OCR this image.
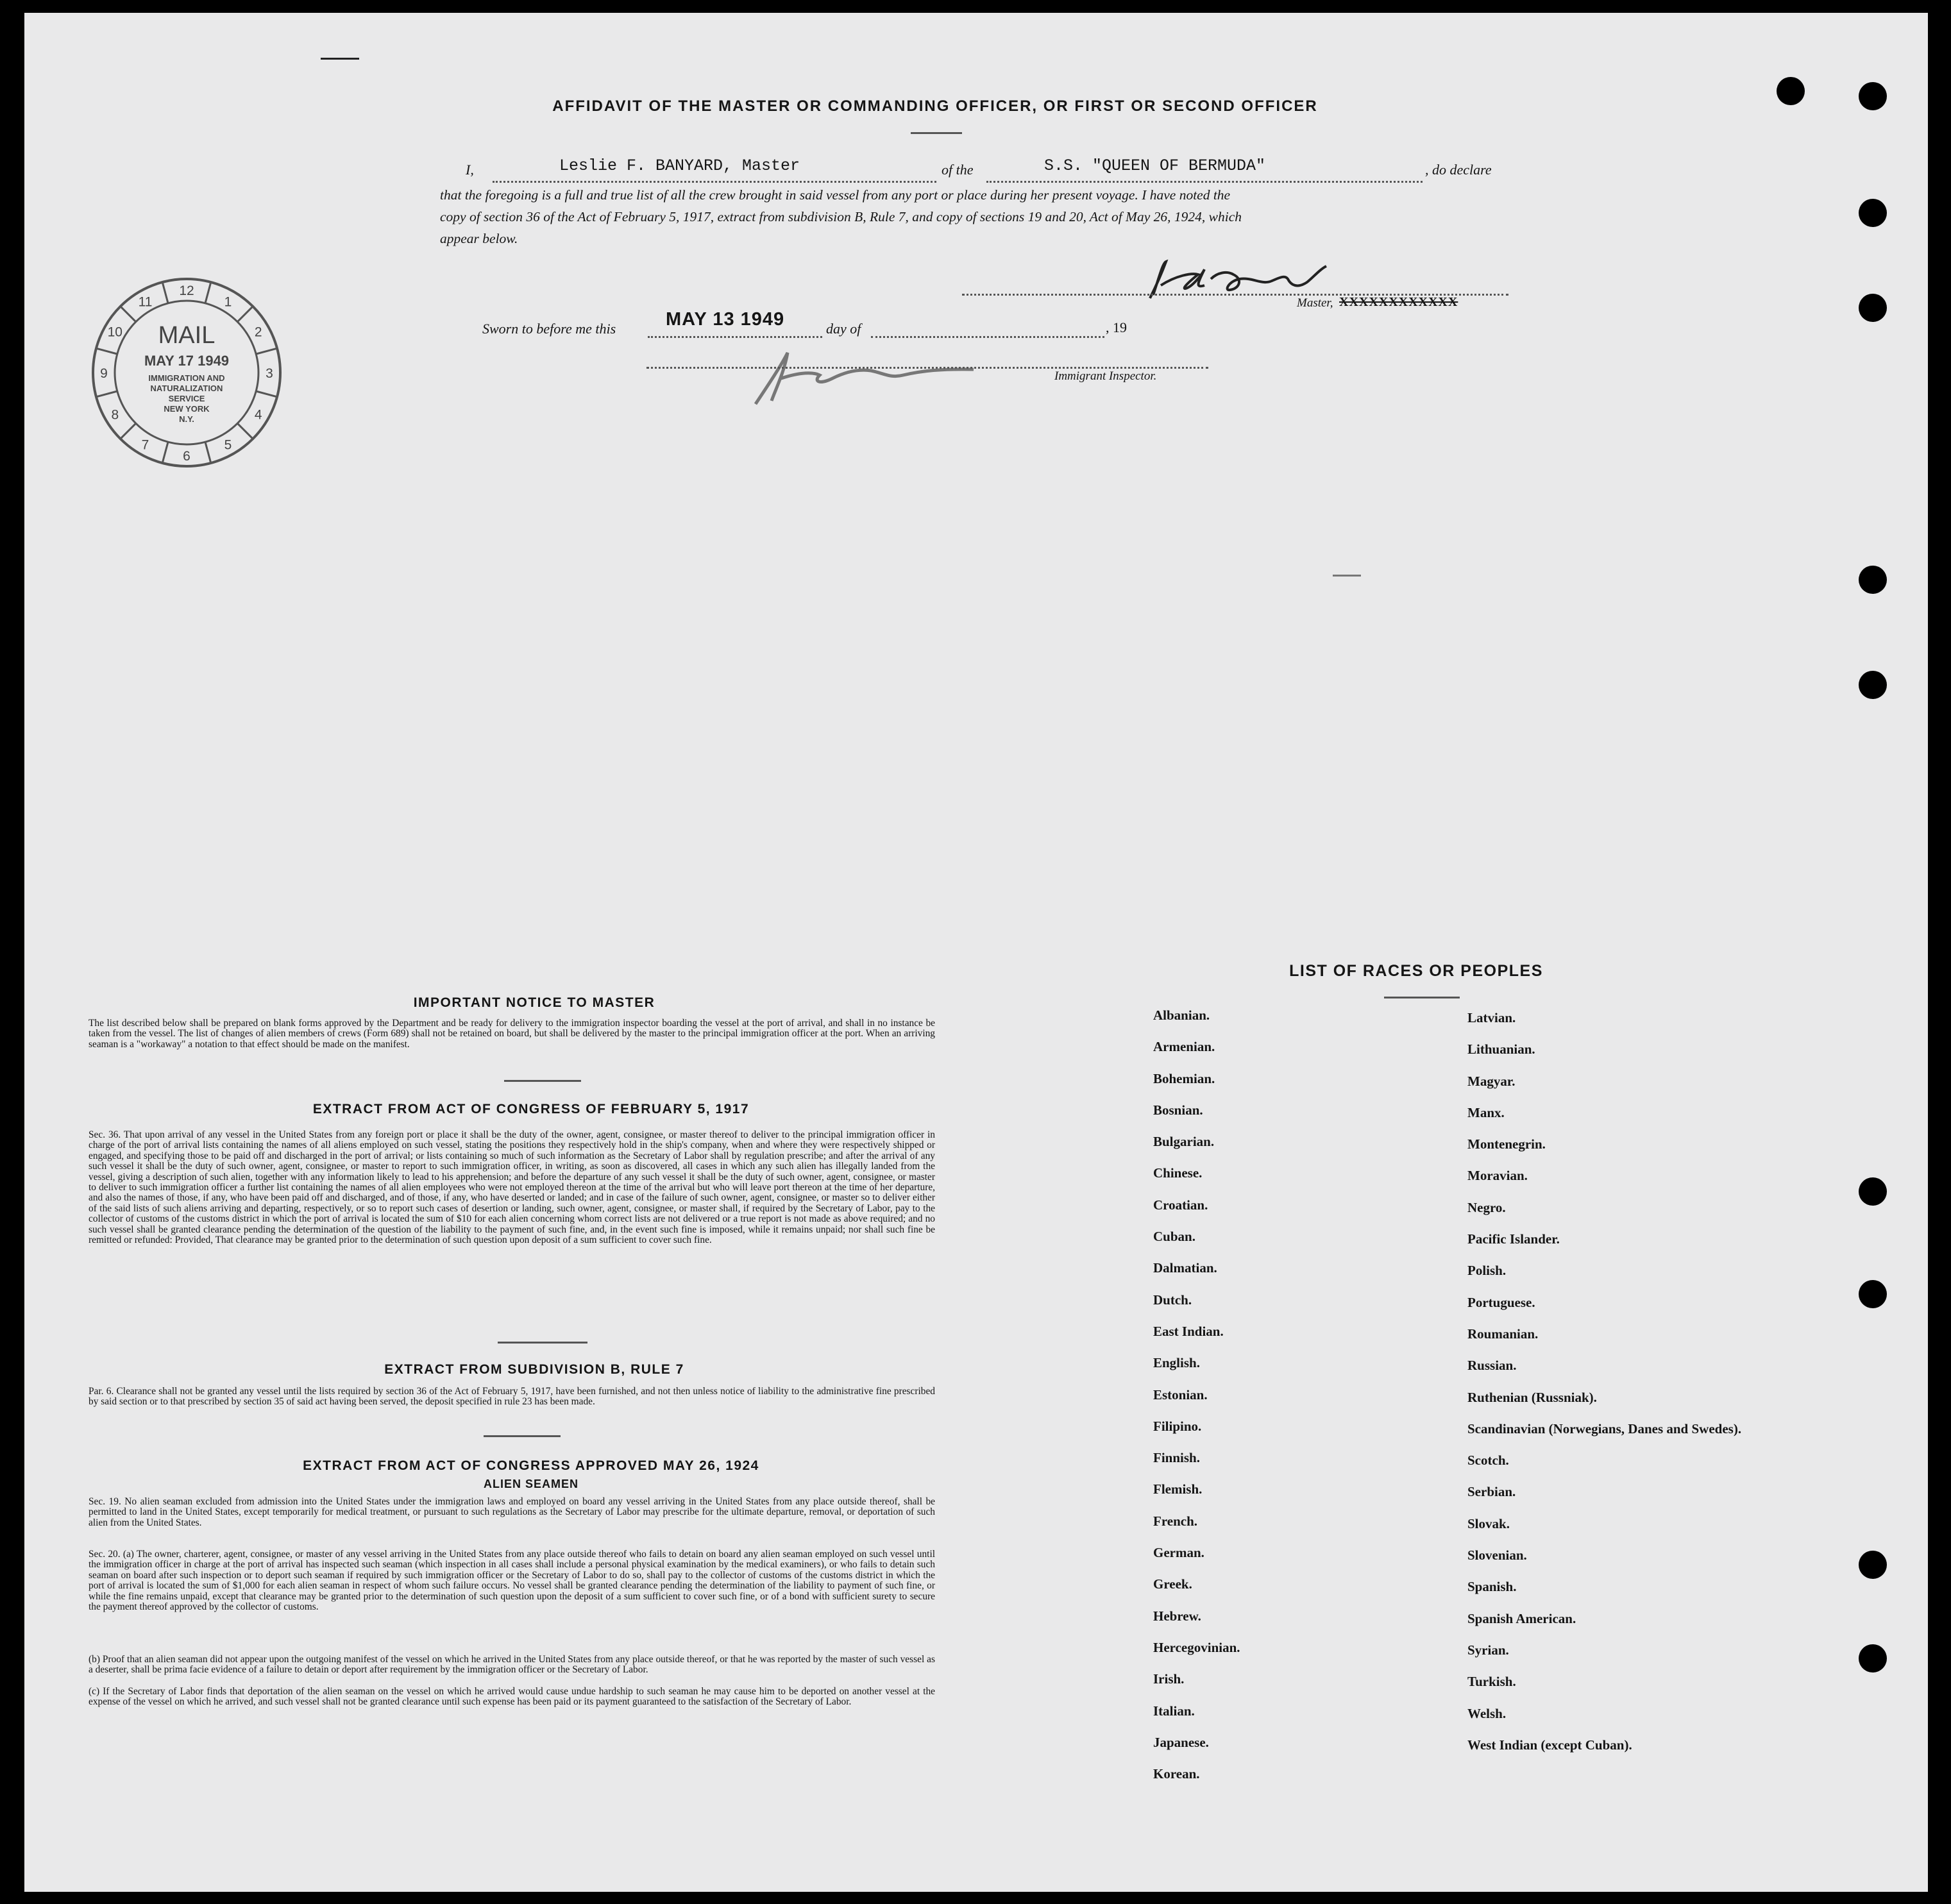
AFFIDAVIT OF THE MASTER OR COMMANDING OFFICER, OR FIRST OR SECOND OFFICER
I,	Leslie F. BANYARD, Master	of the	S.S. "QUEEN OF BERMUDA"	, do declare
that the foregoing is a full and true list of all the crew brought in said vessel from any port or place during her present voyage. I have noted the
copy of section 36 of the Act of February 5, 1917, extract from subdivision B, Rule 7, and copy of sections 19 and 20, Act of May 26, 1924, which
appear below.
Master, XXXXXXXXXXXX
Sworn to before me this	MAY 13 1949	day of	, 19
Immigrant Inspector.
IMPORTANT NOTICE TO MASTER

The list described below shall be prepared on blank forms approved by the Department and be ready for delivery to the immigration inspector boarding the vessel at the port of arrival, and shall in no instance be taken from the vessel. The list of changes of alien members of crews (Form 689) shall not be retained on board, but shall be delivered by the master to the principal immigration officer at the port. When an arriving seaman is a "workaway" a notation to that effect should be made on the manifest.

EXTRACT FROM ACT OF CONGRESS OF FEBRUARY 5, 1917

Sec. 36. That upon arrival of any vessel in the United States from any foreign port or place it shall be the duty of the owner, agent, consignee, or master thereof to deliver to the principal immigration officer in charge of the port of arrival lists containing the names of all aliens employed on such vessel, stating the positions they respectively hold in the ship's company, when and where they were respectively shipped or engaged, and specifying those to be paid off and discharged in the port of arrival; or lists containing so much of such information as the Secretary of Labor shall by regulation prescribe; and after the arrival of any such vessel it shall be the duty of such owner, agent, consignee, or master to report to such immigration officer, in writing, as soon as discovered, all cases in which any such alien has illegally landed from the vessel, giving a description of such alien, together with any information likely to lead to his apprehension; and before the departure of any such vessel it shall be the duty of such owner, agent, consignee, or master to deliver to such immigration officer a further list containing the names of all alien employees who were not employed thereon at the time of the arrival but who will leave port thereon at the time of her departure, and also the names of those, if any, who have been paid off and discharged, and of those, if any, who have deserted or landed; and in case of the failure of such owner, agent, consignee, or master so to deliver either of the said lists of such aliens arriving and departing, respectively, or so to report such cases of desertion or landing, such owner, agent, consignee, or master shall, if required by the Secretary of Labor, pay to the collector of customs of the customs district in which the port of arrival is located the sum of $10 for each alien concerning whom correct lists are not delivered or a true report is not made as above required; and no such vessel shall be granted clearance pending the determination of the question of the liability to the payment of such fine, and, in the event such fine is imposed, while it remains unpaid; nor shall such fine be remitted or refunded: Provided, That clearance may be granted prior to the determination of such question upon deposit of a sum sufficient to cover such fine.

EXTRACT FROM SUBDIVISION B, RULE 7

Par. 6. Clearance shall not be granted any vessel until the lists required by section 36 of the Act of February 5, 1917, have been furnished, and not then unless notice of liability to the administrative fine prescribed by said section or to that prescribed by section 35 of said act having been served, the deposit specified in rule 23 has been made.

EXTRACT FROM ACT OF CONGRESS APPROVED MAY 26, 1924
ALIEN SEAMEN

Sec. 19. No alien seaman excluded from admission into the United States under the immigration laws and employed on board any vessel arriving in the United States from any place outside thereof, shall be permitted to land in the United States, except temporarily for medical treatment, or pursuant to such regulations as the Secretary of Labor may prescribe for the ultimate departure, removal, or deportation of such alien from the United States.

Sec. 20. (a) The owner, charterer, agent, consignee, or master of any vessel arriving in the United States from any place outside thereof who fails to detain on board any alien seaman employed on such vessel until the immigration officer in charge at the port of arrival has inspected such seaman (which inspection in all cases shall include a personal physical examination by the medical examiners), or who fails to detain such seaman on board after such inspection or to deport such seaman if required by such immigration officer or the Secretary of Labor to do so, shall pay to the collector of customs of the customs district in which the port of arrival is located the sum of $1,000 for each alien seaman in respect of whom such failure occurs. No vessel shall be granted clearance pending the determination of the liability to payment of such fine, or while the fine remains unpaid, except that clearance may be granted prior to the determination of such question upon the deposit of a sum sufficient to cover such fine, or of a bond with sufficient surety to secure the payment thereof approved by the collector of customs.

(b) Proof that an alien seaman did not appear upon the outgoing manifest of the vessel on which he arrived in the United States from any place outside thereof, or that he was reported by the master of such vessel as a deserter, shall be prima facie evidence of a failure to detain or deport after requirement by the immigration officer or the Secretary of Labor.

(c) If the Secretary of Labor finds that deportation of the alien seaman on the vessel on which he arrived would cause undue hardship to such seaman he may cause him to be deported on another vessel at the expense of the vessel on which he arrived, and such vessel shall not be granted clearance until such expense has been paid or its payment guaranteed to the satisfaction of the Secretary of Labor.

LIST OF RACES OR PEOPLES
Albanian.
Armenian.
Bohemian.
Bosnian.
Bulgarian.
Chinese.
Croatian.
Cuban.
Dalmatian.
Dutch.
East Indian.
English.
Estonian.
Filipino.
Finnish.
Flemish.
French.
German.
Greek.
Hebrew.
Hercegovinian.
Irish.
Italian.
Japanese.
Korean.
Latvian.
Lithuanian.
Magyar.
Manx.
Montenegrin.
Moravian.
Negro.
Pacific Islander.
Polish.
Portuguese.
Roumanian.
Russian.
Ruthenian (Russniak).
Scandinavian (Norwegians, Danes and Swedes).
Scotch.
Serbian.
Slovak.
Slovenian.
Spanish.
Spanish American.
Syrian.
Turkish.
Welsh.
West Indian (except Cuban).
12
1
2
3
4
5
6
7
8
9
10
11
MAIL
MAY 17 1949
IMMIGRATION AND
NATURALIZATION
SERVICE
NEW YORK
N.Y.
